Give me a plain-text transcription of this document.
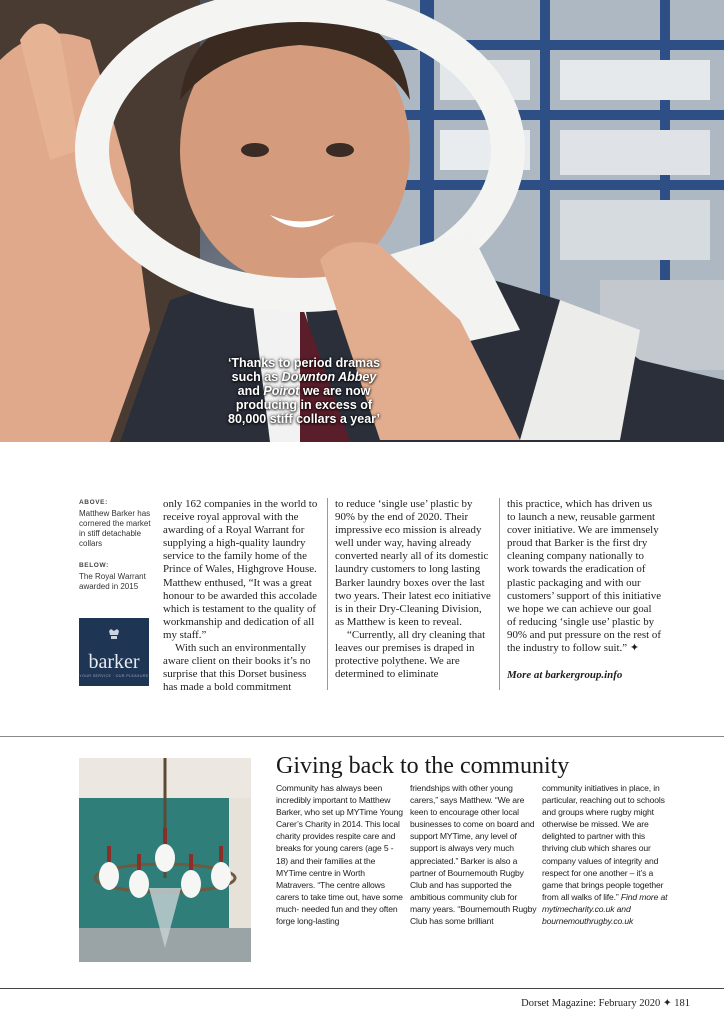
‘Thanks to period dramas
such as Downton Abbey
and Poirot we are now
producing in excess of
80,000 stiff collars a year’
ABOVE:
Matthew Barker has cornered the market in stiff detachable collars
BELOW:
The Royal Warrant awarded in 2015
barker
YOUR SERVICE · OUR PLEASURE

only 162 companies in the world to receive royal approval with the awarding of a Royal Warrant for supplying a high-quality laundry service to the family home of the Prince of Wales, Highgrove House. Matthew enthused, “It was a great honour to be awarded this accolade which is testament to the quality of workmanship and dedication of all my staff.”

With such an environmentally aware client on their books it’s no surprise that this Dorset business has made a bold commitment

to reduce ‘single use’ plastic by 90% by the end of 2020. Their impressive eco mission is already well under way, having already converted nearly all of its domestic laundry customers to long lasting Barker laundry boxes over the last two years. Their latest eco initiative is in their Dry-Cleaning Division, as Matthew is keen to reveal.

“Currently, all dry cleaning that leaves our premises is draped in protective polythene. We are determined to eliminate

this practice, which has driven us to launch a new, reusable garment cover initiative. We are immensely proud that Barker is the first dry cleaning company nationally to work towards the eradication of plastic packaging and with our customers’ support of this initiative we hope we can achieve our goal of reducing ‘single use’ plastic by 90% and put pressure on the rest of the industry to follow suit.” ✦

More at barkergroup.info

Giving back to the community

Community has always been incredibly important to Matthew Barker, who set up MYTime Young Carer’s Charity in 2014. This local charity provides respite care and breaks for young carers (age 5 - 18) and their families at the MYTime centre in Worth Matravers. “The centre allows carers to take time out, have some much- needed fun and they often forge long-lasting

friendships with other young carers,” says Matthew. “We are keen to encourage other local businesses to come on board and support MYTime, any level of support is always very much appreciated.” Barker is also a partner of Bournemouth Rugby Club and has supported the ambitious community club for many years. “Bournemouth Rugby Club has some brilliant

community initiatives in place, in particular, reaching out to schools and groups where rugby might otherwise be missed. We are delighted to partner with this thriving club which shares our company values of integrity and respect for one another – it’s a game that brings people together from all walks of life.” Find more at mytimecharity.co.uk and bournemouthrugby.co.uk

Dorset Magazine: February 2020 ✦ 181
